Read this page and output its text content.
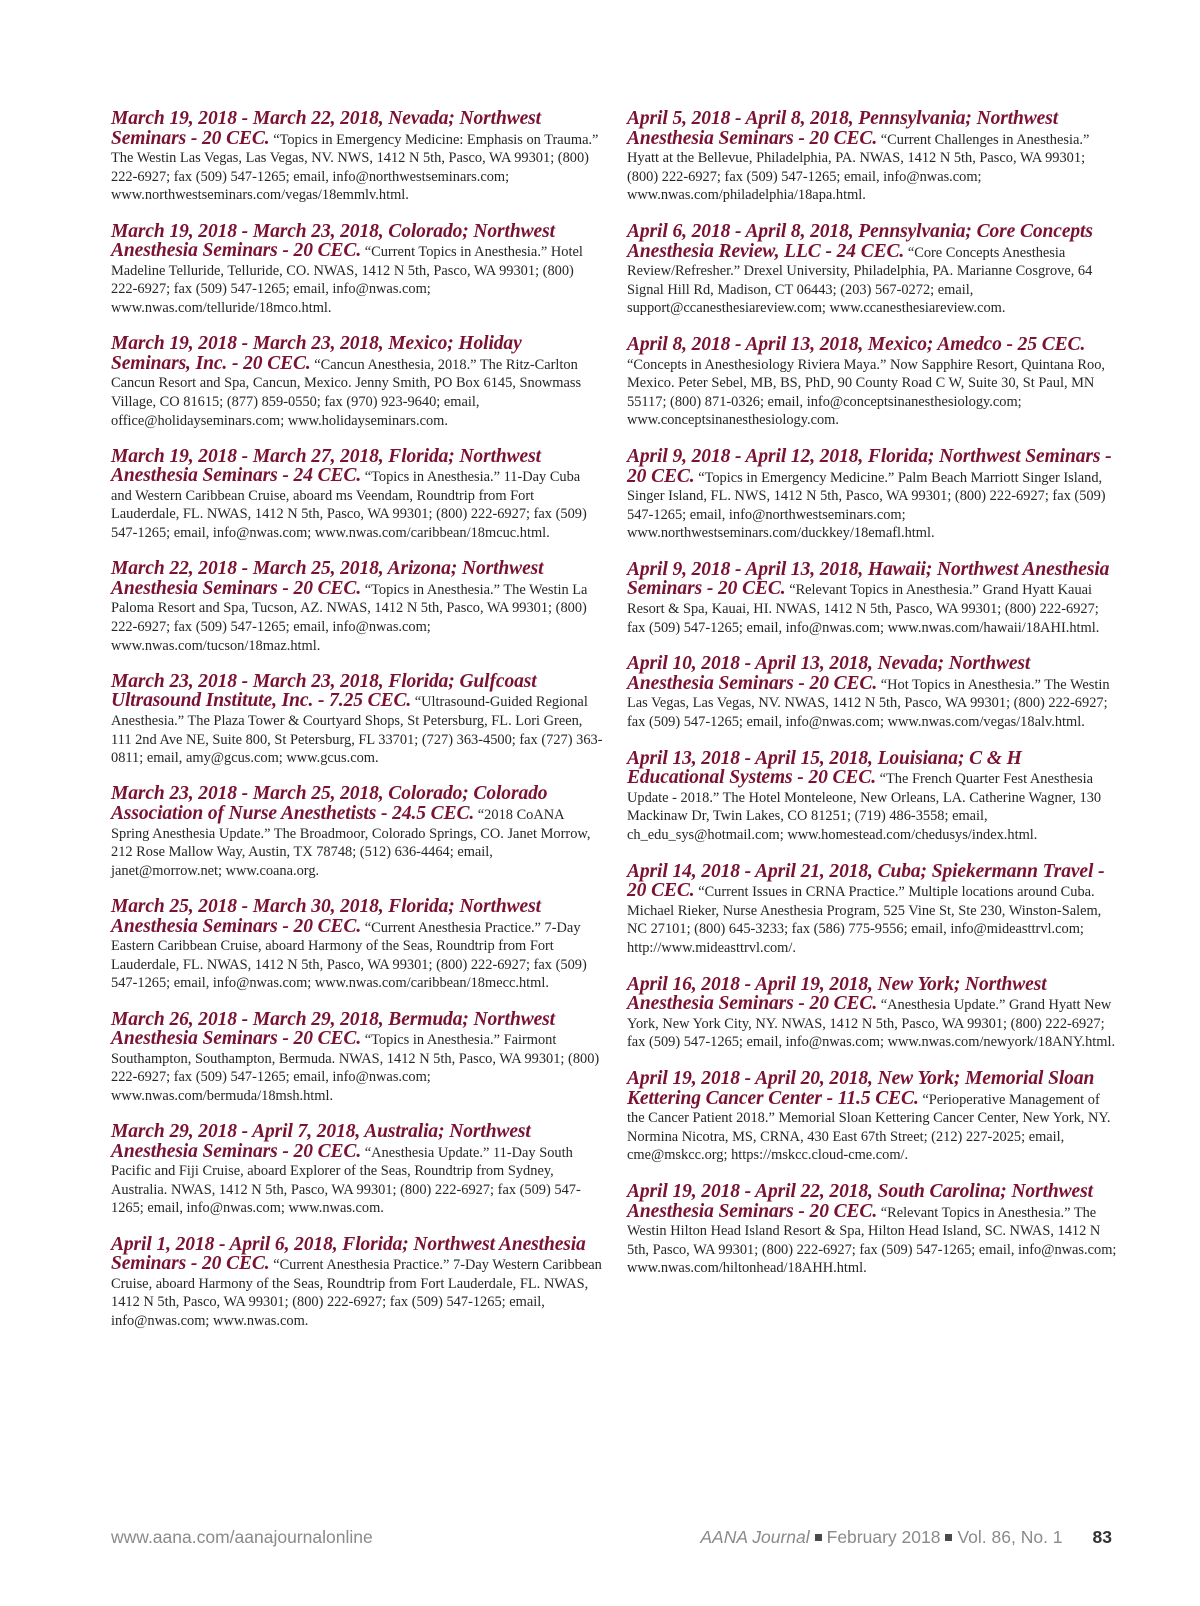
March 19, 2018 - March 22, 2018, Nevada; Northwest Seminars - 20 CEC. “Topics in Emergency Medicine: Emphasis on Trauma.” The Westin Las Vegas, Las Vegas, NV. NWS, 1412 N 5th, Pasco, WA 99301; (800) 222-6927; fax (509) 547-1265; email, info@northwestseminars.com; www.northwestseminars.com/vegas/18emmlv.html.

March 19, 2018 - March 23, 2018, Colorado; Northwest Anesthesia Seminars - 20 CEC. “Current Topics in Anesthesia.” Hotel Madeline Telluride, Telluride, CO. NWAS, 1412 N 5th, Pasco, WA 99301; (800) 222-6927; fax (509) 547-1265; email, info@nwas.com; www.nwas.com/telluride/18mco.html.

March 19, 2018 - March 23, 2018, Mexico; Holiday Seminars, Inc. - 20 CEC. “Cancun Anesthesia, 2018.” The Ritz-Carlton Cancun Resort and Spa, Cancun, Mexico. Jenny Smith, PO Box 6145, Snowmass Village, CO 81615; (877) 859-0550; fax (970) 923-9640; email, office@holidayseminars.com; www.holidayseminars.com.

March 19, 2018 - March 27, 2018, Florida; Northwest Anesthesia Seminars - 24 CEC. “Topics in Anesthesia.” 11-Day Cuba and Western Caribbean Cruise, aboard ms Veendam, Roundtrip from Fort Lauderdale, FL. NWAS, 1412 N 5th, Pasco, WA 99301; (800) 222-6927; fax (509) 547-1265; email, info@nwas.com; www.nwas.com/caribbean/18mcuc.html.

March 22, 2018 - March 25, 2018, Arizona; Northwest Anesthesia Seminars - 20 CEC. “Topics in Anesthesia.” The Westin La Paloma Resort and Spa, Tucson, AZ. NWAS, 1412 N 5th, Pasco, WA 99301; (800) 222-6927; fax (509) 547-1265; email, info@nwas.com; www.nwas.com/tucson/18maz.html.

March 23, 2018 - March 23, 2018, Florida; Gulfcoast Ultrasound Institute, Inc. - 7.25 CEC. “Ultrasound-Guided Regional Anesthesia.” The Plaza Tower & Courtyard Shops, St Petersburg, FL. Lori Green, 111 2nd Ave NE, Suite 800, St Petersburg, FL 33701; (727) 363-4500; fax (727) 363-0811; email, amy@gcus.com; www.gcus.com.

March 23, 2018 - March 25, 2018, Colorado; Colorado Association of Nurse Anesthetists - 24.5 CEC. “2018 CoANA Spring Anesthesia Update.” The Broadmoor, Colorado Springs, CO. Janet Morrow, 212 Rose Mallow Way, Austin, TX 78748; (512) 636-4464; email, janet@morrow.net; www.coana.org.

March 25, 2018 - March 30, 2018, Florida; Northwest Anesthesia Seminars - 20 CEC. “Current Anesthesia Practice.” 7-Day Eastern Caribbean Cruise, aboard Harmony of the Seas, Roundtrip from Fort Lauderdale, FL. NWAS, 1412 N 5th, Pasco, WA 99301; (800) 222-6927; fax (509) 547-1265; email, info@nwas.com; www.nwas.com/caribbean/18mecc.html.

March 26, 2018 - March 29, 2018, Bermuda; Northwest Anesthesia Seminars - 20 CEC. “Topics in Anesthesia.” Fairmont Southampton, Southampton, Bermuda. NWAS, 1412 N 5th, Pasco, WA 99301; (800) 222-6927; fax (509) 547-1265; email, info@nwas.com; www.nwas.com/bermuda/18msh.html.

March 29, 2018 - April 7, 2018, Australia; Northwest Anesthesia Seminars - 20 CEC. “Anesthesia Update.” 11-Day South Pacific and Fiji Cruise, aboard Explorer of the Seas, Roundtrip from Sydney, Australia. NWAS, 1412 N 5th, Pasco, WA 99301; (800) 222-6927; fax (509) 547-1265; email, info@nwas.com; www.nwas.com.

April 1, 2018 - April 6, 2018, Florida; Northwest Anesthesia Seminars - 20 CEC. “Current Anesthesia Practice.” 7-Day Western Caribbean Cruise, aboard Harmony of the Seas, Roundtrip from Fort Lauderdale, FL. NWAS, 1412 N 5th, Pasco, WA 99301; (800) 222-6927; fax (509) 547-1265; email, info@nwas.com; www.nwas.com.

April 5, 2018 - April 8, 2018, Pennsylvania; Northwest Anesthesia Seminars - 20 CEC. “Current Challenges in Anesthesia.” Hyatt at the Bellevue, Philadelphia, PA. NWAS, 1412 N 5th, Pasco, WA 99301; (800) 222-6927; fax (509) 547-1265; email, info@nwas.com; www.nwas.com/philadelphia/18apa.html.

April 6, 2018 - April 8, 2018, Pennsylvania; Core Concepts Anesthesia Review, LLC - 24 CEC. “Core Concepts Anesthesia Review/Refresher.” Drexel University, Philadelphia, PA. Marianne Cosgrove, 64 Signal Hill Rd, Madison, CT 06443; (203) 567-0272; email, support@ccanesthesiareview.com; www.ccanesthesiareview.com.

April 8, 2018 - April 13, 2018, Mexico; Amedco - 25 CEC. “Concepts in Anesthesiology Riviera Maya.” Now Sapphire Resort, Quintana Roo, Mexico. Peter Sebel, MB, BS, PhD, 90 County Road C W, Suite 30, St Paul, MN 55117; (800) 871-0326; email, info@conceptsinanesthesiology.com; www.conceptsinanesthesiology.com.

April 9, 2018 - April 12, 2018, Florida; Northwest Seminars - 20 CEC. “Topics in Emergency Medicine.” Palm Beach Marriott Singer Island, Singer Island, FL. NWS, 1412 N 5th, Pasco, WA 99301; (800) 222-6927; fax (509) 547-1265; email, info@northwestseminars.com; www.northwestseminars.com/duckkey/18emafl.html.

April 9, 2018 - April 13, 2018, Hawaii; Northwest Anesthesia Seminars - 20 CEC. “Relevant Topics in Anesthesia.” Grand Hyatt Kauai Resort & Spa, Kauai, HI. NWAS, 1412 N 5th, Pasco, WA 99301; (800) 222-6927; fax (509) 547-1265; email, info@nwas.com; www.nwas.com/hawaii/18AHI.html.

April 10, 2018 - April 13, 2018, Nevada; Northwest Anesthesia Seminars - 20 CEC. “Hot Topics in Anesthesia.” The Westin Las Vegas, Las Vegas, NV. NWAS, 1412 N 5th, Pasco, WA 99301; (800) 222-6927; fax (509) 547-1265; email, info@nwas.com; www.nwas.com/vegas/18alv.html.

April 13, 2018 - April 15, 2018, Louisiana; C & H Educational Systems - 20 CEC. “The French Quarter Fest Anesthesia Update - 2018.” The Hotel Monteleone, New Orleans, LA. Catherine Wagner, 130 Mackinaw Dr, Twin Lakes, CO 81251; (719) 486-3558; email, ch_edu_sys@hotmail.com; www.homestead.com/chedusys/index.html.

April 14, 2018 - April 21, 2018, Cuba; Spiekermann Travel - 20 CEC. “Current Issues in CRNA Practice.” Multiple locations around Cuba. Michael Rieker, Nurse Anesthesia Program, 525 Vine St, Ste 230, Winston-Salem, NC 27101; (800) 645-3233; fax (586) 775-9556; email, info@mideasttrvl.com; http://www.mideasttrvl.com/.

April 16, 2018 - April 19, 2018, New York; Northwest Anesthesia Seminars - 20 CEC. “Anesthesia Update.” Grand Hyatt New York, New York City, NY. NWAS, 1412 N 5th, Pasco, WA 99301; (800) 222-6927; fax (509) 547-1265; email, info@nwas.com; www.nwas.com/newyork/18ANY.html.

April 19, 2018 - April 20, 2018, New York; Memorial Sloan Kettering Cancer Center - 11.5 CEC. “Perioperative Management of the Cancer Patient 2018.” Memorial Sloan Kettering Cancer Center, New York, NY. Normina Nicotra, MS, CRNA, 430 East 67th Street; (212) 227-2025; email, cme@mskcc.org; https://mskcc.cloud-cme.com/.

April 19, 2018 - April 22, 2018, South Carolina; Northwest Anesthesia Seminars - 20 CEC. “Relevant Topics in Anesthesia.” The Westin Hilton Head Island Resort & Spa, Hilton Head Island, SC. NWAS, 1412 N 5th, Pasco, WA 99301; (800) 222-6927; fax (509) 547-1265; email, info@nwas.com; www.nwas.com/hiltonhead/18AHH.html.

www.aana.com/aanajournalonline	AANA Journal February 2018 Vol. 86, No. 1 83
